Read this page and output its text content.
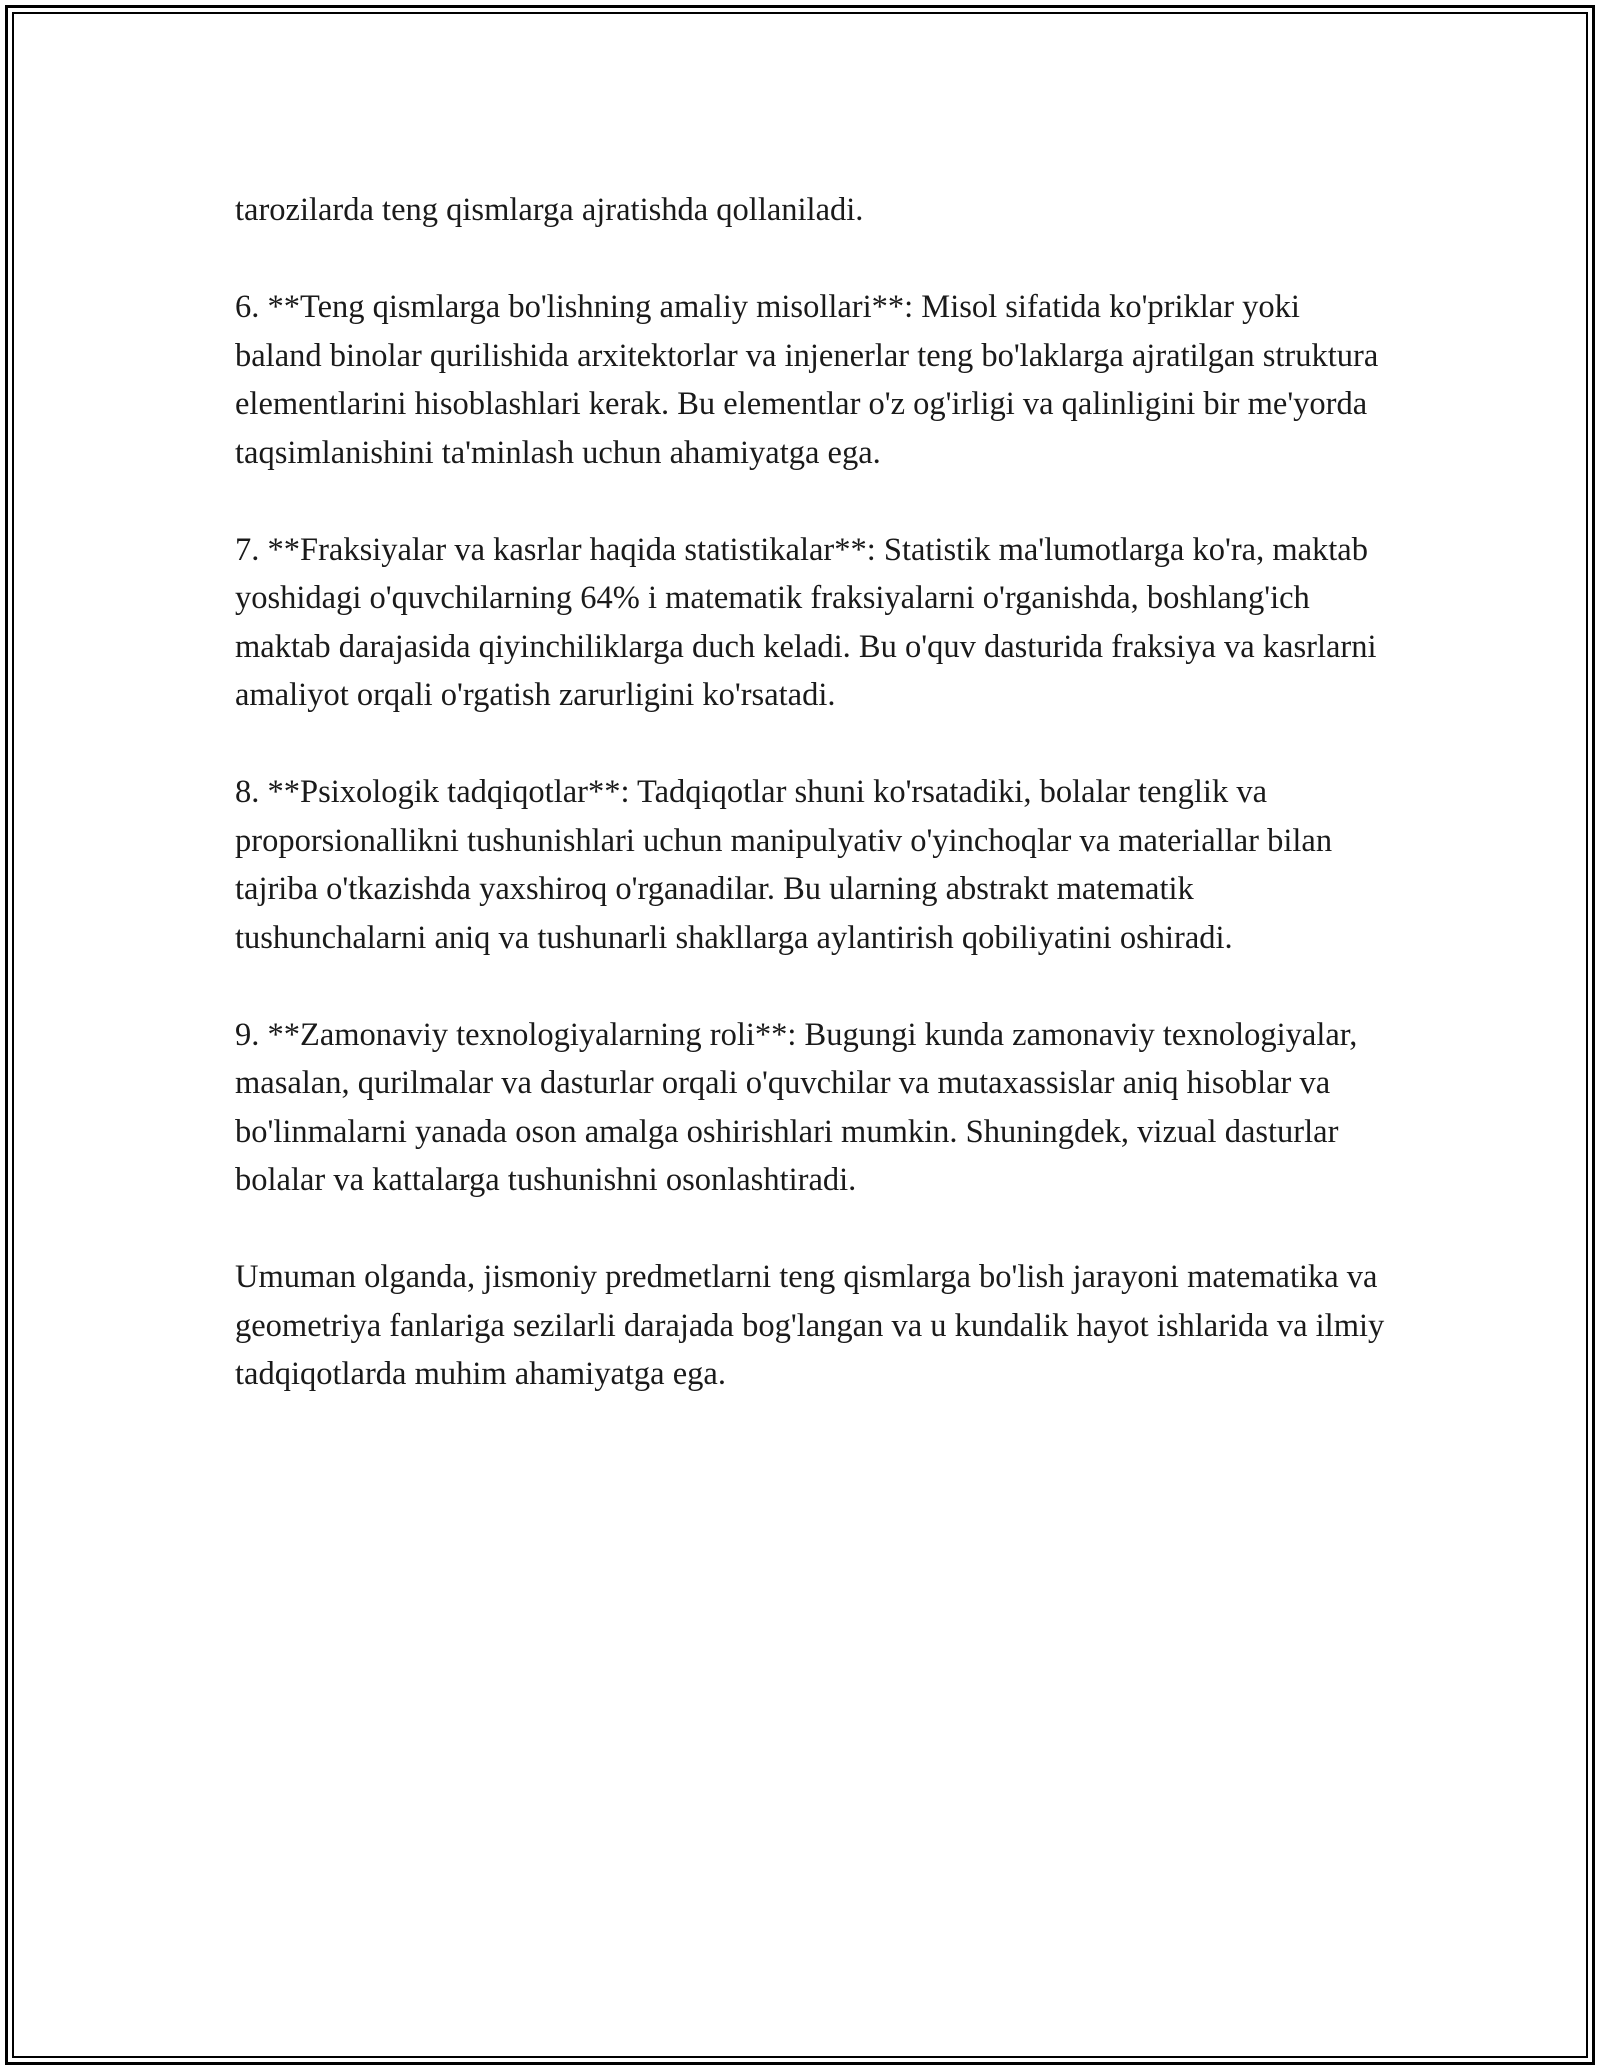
tarozilarda teng qismlarga ajratishda qollaniladi.

6. **Teng qismlarga bo'lishning amaliy misollari**: Misol sifatida ko'priklar yoki baland binolar qurilishida arxitektorlar va injenerlar teng bo'laklarga ajratilgan struktura elementlarini hisoblashlari kerak. Bu elementlar o'z og'irligi va qalinligini bir me'yorda taqsimlanishini ta'minlash uchun ahamiyatga ega.

7. **Fraksiyalar va kasrlar haqida statistikalar**: Statistik ma'lumotlarga ko'ra, maktab yoshidagi o'quvchilarning 64% i matematik fraksiyalarni o'rganishda, boshlang'ich maktab darajasida qiyinchiliklarga duch keladi. Bu o'quv dasturida fraksiya va kasrlarni amaliyot orqali o'rgatish zarurligini ko'rsatadi.

8. **Psixologik tadqiqotlar**: Tadqiqotlar shuni ko'rsatadiki, bolalar tenglik va proporsionallikni tushunishlari uchun manipulyativ o'yinchoqlar va materiallar bilan tajriba o'tkazishda yaxshiroq o'rganadilar. Bu ularning abstrakt matematik tushunchalarni aniq va tushunarli shakllarga aylantirish qobiliyatini oshiradi.

9. **Zamonaviy texnologiyalarning roli**: Bugungi kunda zamonaviy texnologiyalar, masalan, qurilmalar va dasturlar orqali o'quvchilar va mutaxassislar aniq hisoblar va bo'linmalarni yanada oson amalga oshirishlari mumkin. Shuningdek, vizual dasturlar bolalar va kattalarga tushunishni osonlashtiradi.

Umuman olganda, jismoniy predmetlarni teng qismlarga bo'lish jarayoni matematika va geometriya fanlariga sezilarli darajada bog'langan va u kundalik hayot ishlarida va ilmiy tadqiqotlarda muhim ahamiyatga ega.
